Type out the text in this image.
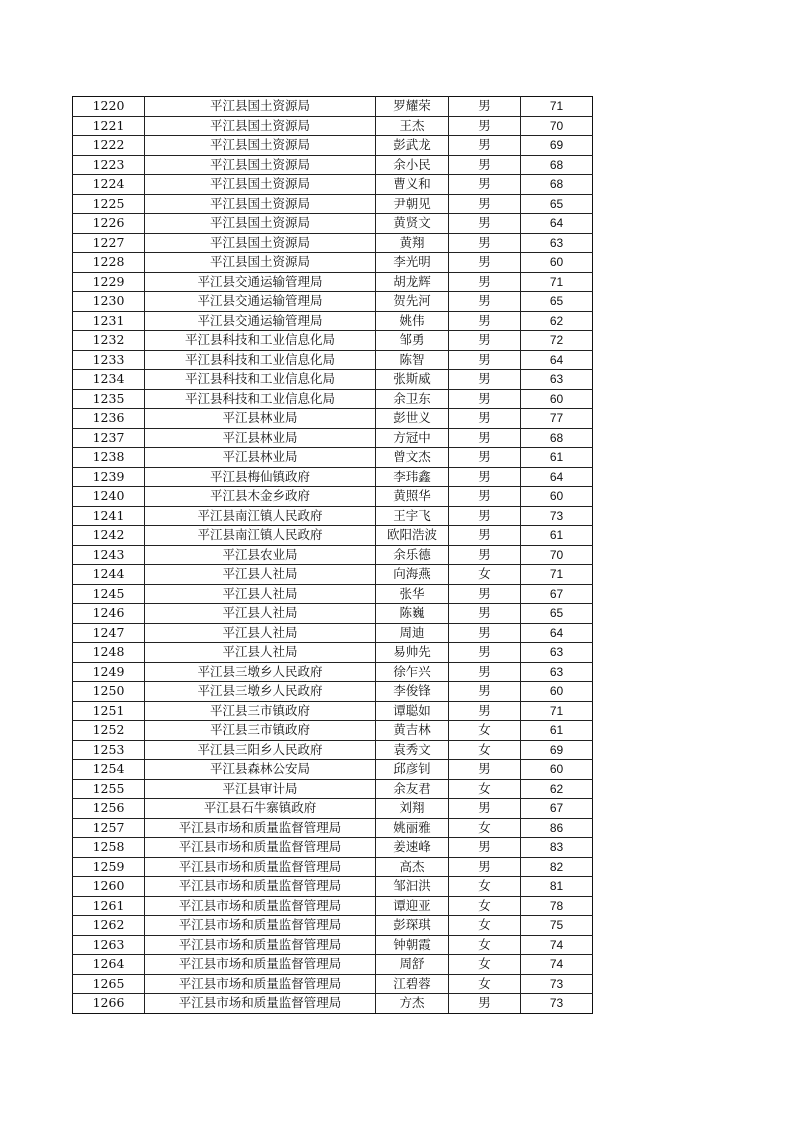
1220	平江县国土资源局	罗耀荣	男	71
1221	平江县国土资源局	王杰	男	70
1222	平江县国土资源局	彭武龙	男	69
1223	平江县国土资源局	余小民	男	68
1224	平江县国土资源局	曹义和	男	68
1225	平江县国土资源局	尹朝见	男	65
1226	平江县国土资源局	黄贤文	男	64
1227	平江县国土资源局	黄翔	男	63
1228	平江县国土资源局	李光明	男	60
1229	平江县交通运输管理局	胡龙辉	男	71
1230	平江县交通运输管理局	贺先河	男	65
1231	平江县交通运输管理局	姚伟	男	62
1232	平江县科技和工业信息化局	邹勇	男	72
1233	平江县科技和工业信息化局	陈智	男	64
1234	平江县科技和工业信息化局	张斯威	男	63
1235	平江县科技和工业信息化局	余卫东	男	60
1236	平江县林业局	彭世义	男	77
1237	平江县林业局	方冠中	男	68
1238	平江县林业局	曾文杰	男	61
1239	平江县梅仙镇政府	李玮鑫	男	64
1240	平江县木金乡政府	黄照华	男	60
1241	平江县南江镇人民政府	王宇飞	男	73
1242	平江县南江镇人民政府	欧阳浩波	男	61
1243	平江县农业局	余乐德	男	70
1244	平江县人社局	向海燕	女	71
1245	平江县人社局	张华	男	67
1246	平江县人社局	陈巍	男	65
1247	平江县人社局	周迪	男	64
1248	平江县人社局	易帅先	男	63
1249	平江县三墩乡人民政府	徐乍兴	男	63
1250	平江县三墩乡人民政府	李俊锋	男	60
1251	平江县三市镇政府	谭聪如	男	71
1252	平江县三市镇政府	黄吉林	女	61
1253	平江县三阳乡人民政府	袁秀文	女	69
1254	平江县森林公安局	邱彦钊	男	60
1255	平江县审计局	余友君	女	62
1256	平江县石牛寨镇政府	刘翔	男	67
1257	平江县市场和质量监督管理局	姚丽雅	女	86
1258	平江县市场和质量监督管理局	姜速峰	男	83
1259	平江县市场和质量监督管理局	高杰	男	82
1260	平江县市场和质量监督管理局	邹汩洪	女	81
1261	平江县市场和质量监督管理局	谭迎亚	女	78
1262	平江县市场和质量监督管理局	彭琛琪	女	75
1263	平江县市场和质量监督管理局	钟朝霞	女	74
1264	平江县市场和质量监督管理局	周舒	女	74
1265	平江县市场和质量监督管理局	江碧蓉	女	73
1266	平江县市场和质量监督管理局	方杰	男	73
